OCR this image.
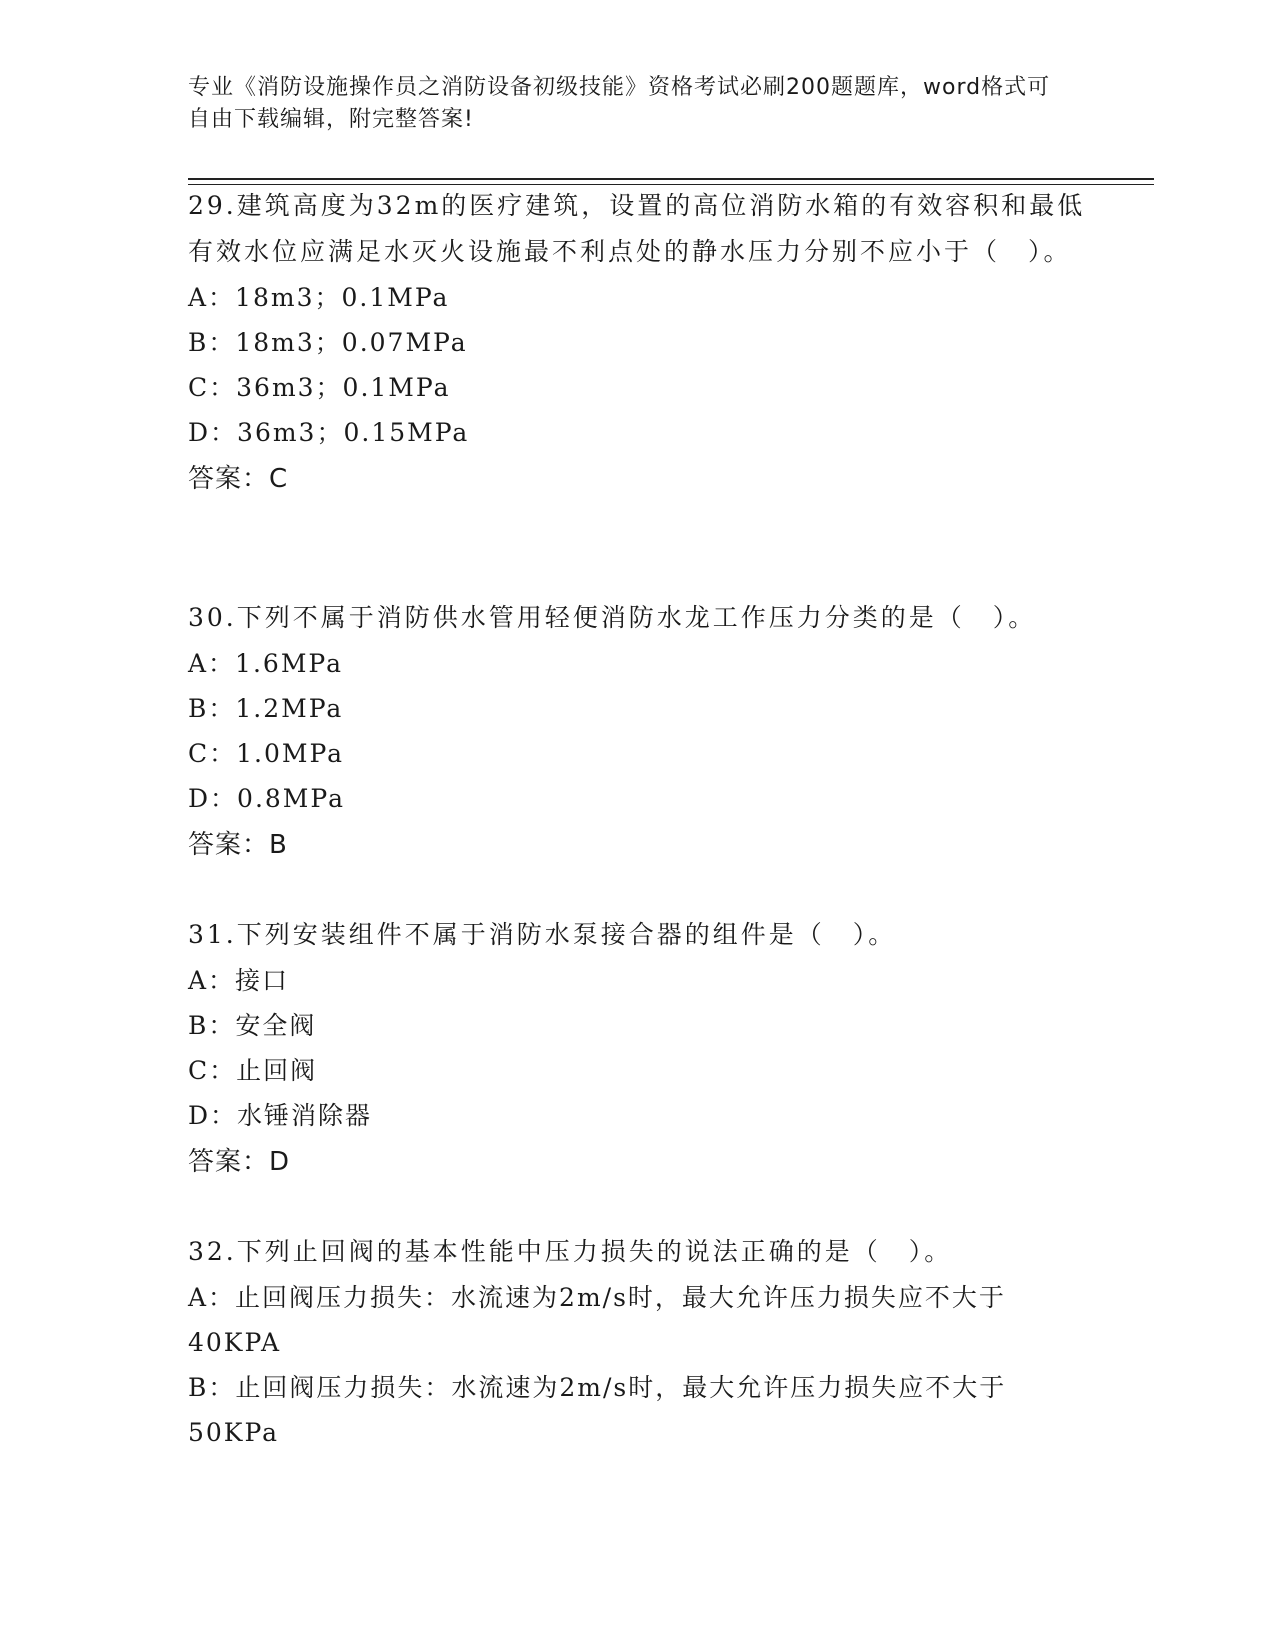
专业《消防设施操作员之消防设备初级技能》资格考试必刷200题题库，word格式可自由下载编辑，附完整答案!

29.建筑高度为32m的医疗建筑，设置的高位消防水箱的有效容积和最低有效水位应满足水灭火设施最不利点处的静水压力分别不应小于（　）。

A：18m3；0.1MPa

B：18m3；0.07MPa

C：36m3；0.1MPa

D：36m3；0.15MPa

答案：C

30.下列不属于消防供水管用轻便消防水龙工作压力分类的是（　）。

A：1.6MPa

B：1.2MPa

C：1.0MPa

D：0.8MPa

答案：B

31.下列安装组件不属于消防水泵接合器的组件是（　）。

A：接口

B：安全阀

C：止回阀

D：水锤消除器

答案：D

32.下列止回阀的基本性能中压力损失的说法正确的是（　）。

A：止回阀压力损失：水流速为2m/s时，最大允许压力损失应不大于40KPA

B：止回阀压力损失：水流速为2m/s时，最大允许压力损失应不大于50KPa
